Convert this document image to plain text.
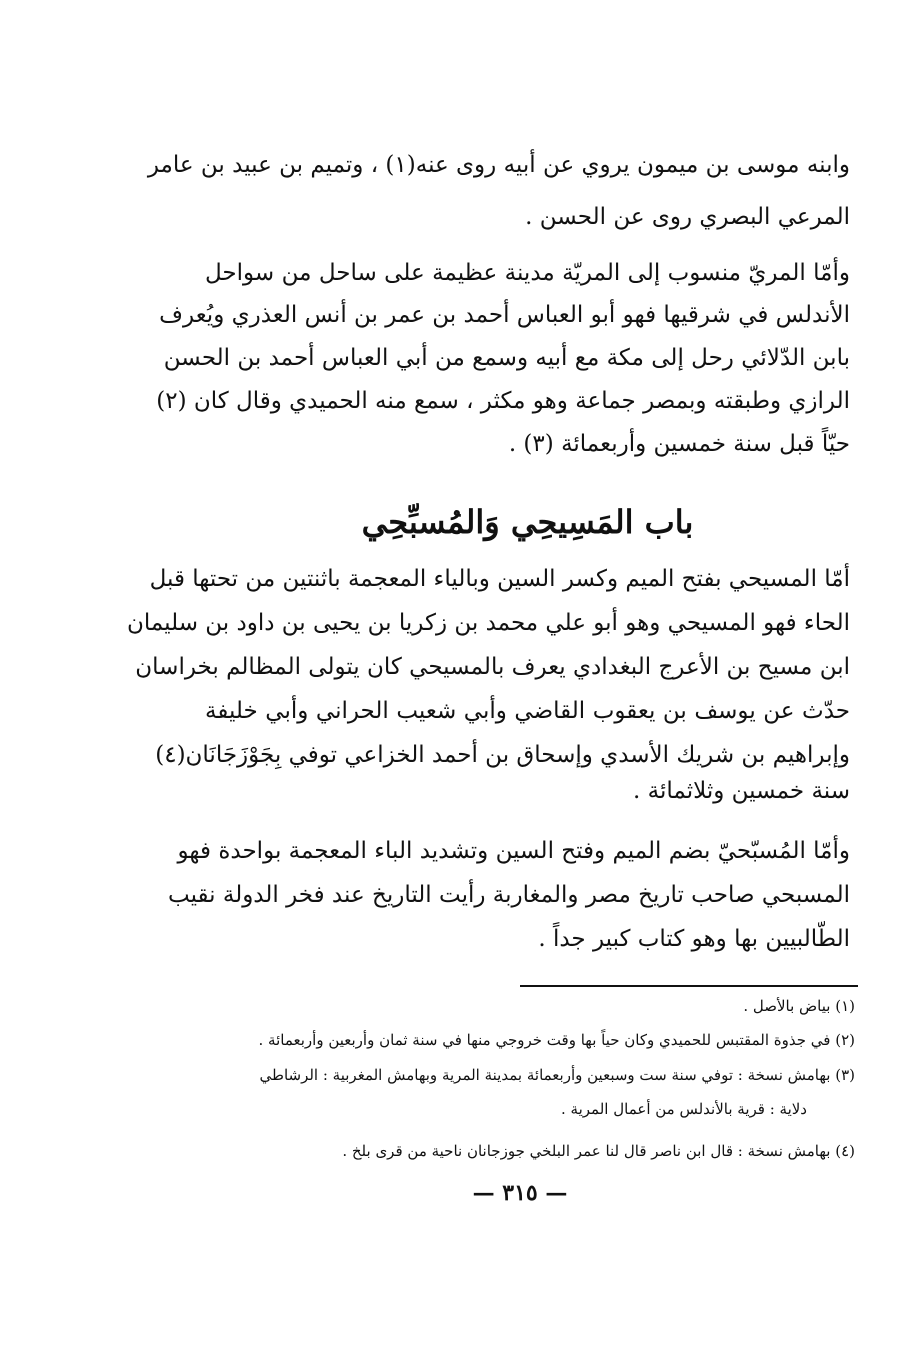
وابنه موسى بن ميمون يروي عن أبيه روى عنه(١) ، وتميم بن عبيد بن عامر
المرعي البصري روى عن الحسن .
وأمّا المريّ منسوب إلى المريّة مدينة عظيمة على ساحل من سواحل
الأندلس في شرقيها فهو أبو العباس أحمد بن عمر بن أنس العذري ويُعرف
بابن الدّلائي رحل إلى مكة مع أبيه وسمع من أبي العباس أحمد بن الحسن
الرازي وطبقته وبمصر جماعة وهو مكثر ، سمع منه الحميدي وقال كان (٢)
حيّاً قبل سنة خمسين وأربعمائة (٣) .
باب المَسِيحِي وَالمُسبِّحِي
أمّا المسيحي بفتح الميم وكسر السين وبالياء المعجمة باثنتين من تحتها قبل
الحاء فهو المسيحي وهو أبو علي محمد بن زكريا بن يحيى بن داود بن سليمان
ابن مسيح بن الأعرج البغدادي يعرف بالمسيحي كان يتولى المظالم بخراسان
حدّث عن يوسف بن يعقوب القاضي وأبي شعيب الحراني وأبي خليفة
وإبراهيم بن شريك الأسدي وإسحاق بن أحمد الخزاعي توفي بِجَوْزَجَانَان(٤)
سنة خمسين وثلاثمائة .
وأمّا المُسبّحيّ بضم الميم وفتح السين وتشديد الباء المعجمة بواحدة فهو
المسبحي صاحب تاريخ مصر والمغاربة رأيت التاريخ عند فخر الدولة نقيب
الطّالبيين بها وهو كتاب كبير جداً .
(١) بياض بالأصل .
(٢) في جذوة المقتبس للحميدي وكان حياً بها وقت خروجي منها في سنة ثمان وأربعين وأربعمائة .
(٣) بهامش نسخة : توفي سنة ست وسبعين وأربعمائة بمدينة المرية وبهامش المغربية : الرشاطي
دلاية : قرية بالأندلس من أعمال المرية .
(٤) بهامش نسخة : قال ابن ناصر قال لنا عمر البلخي جوزجانان ناحية من قرى بلخ .
— ٣١٥ —
